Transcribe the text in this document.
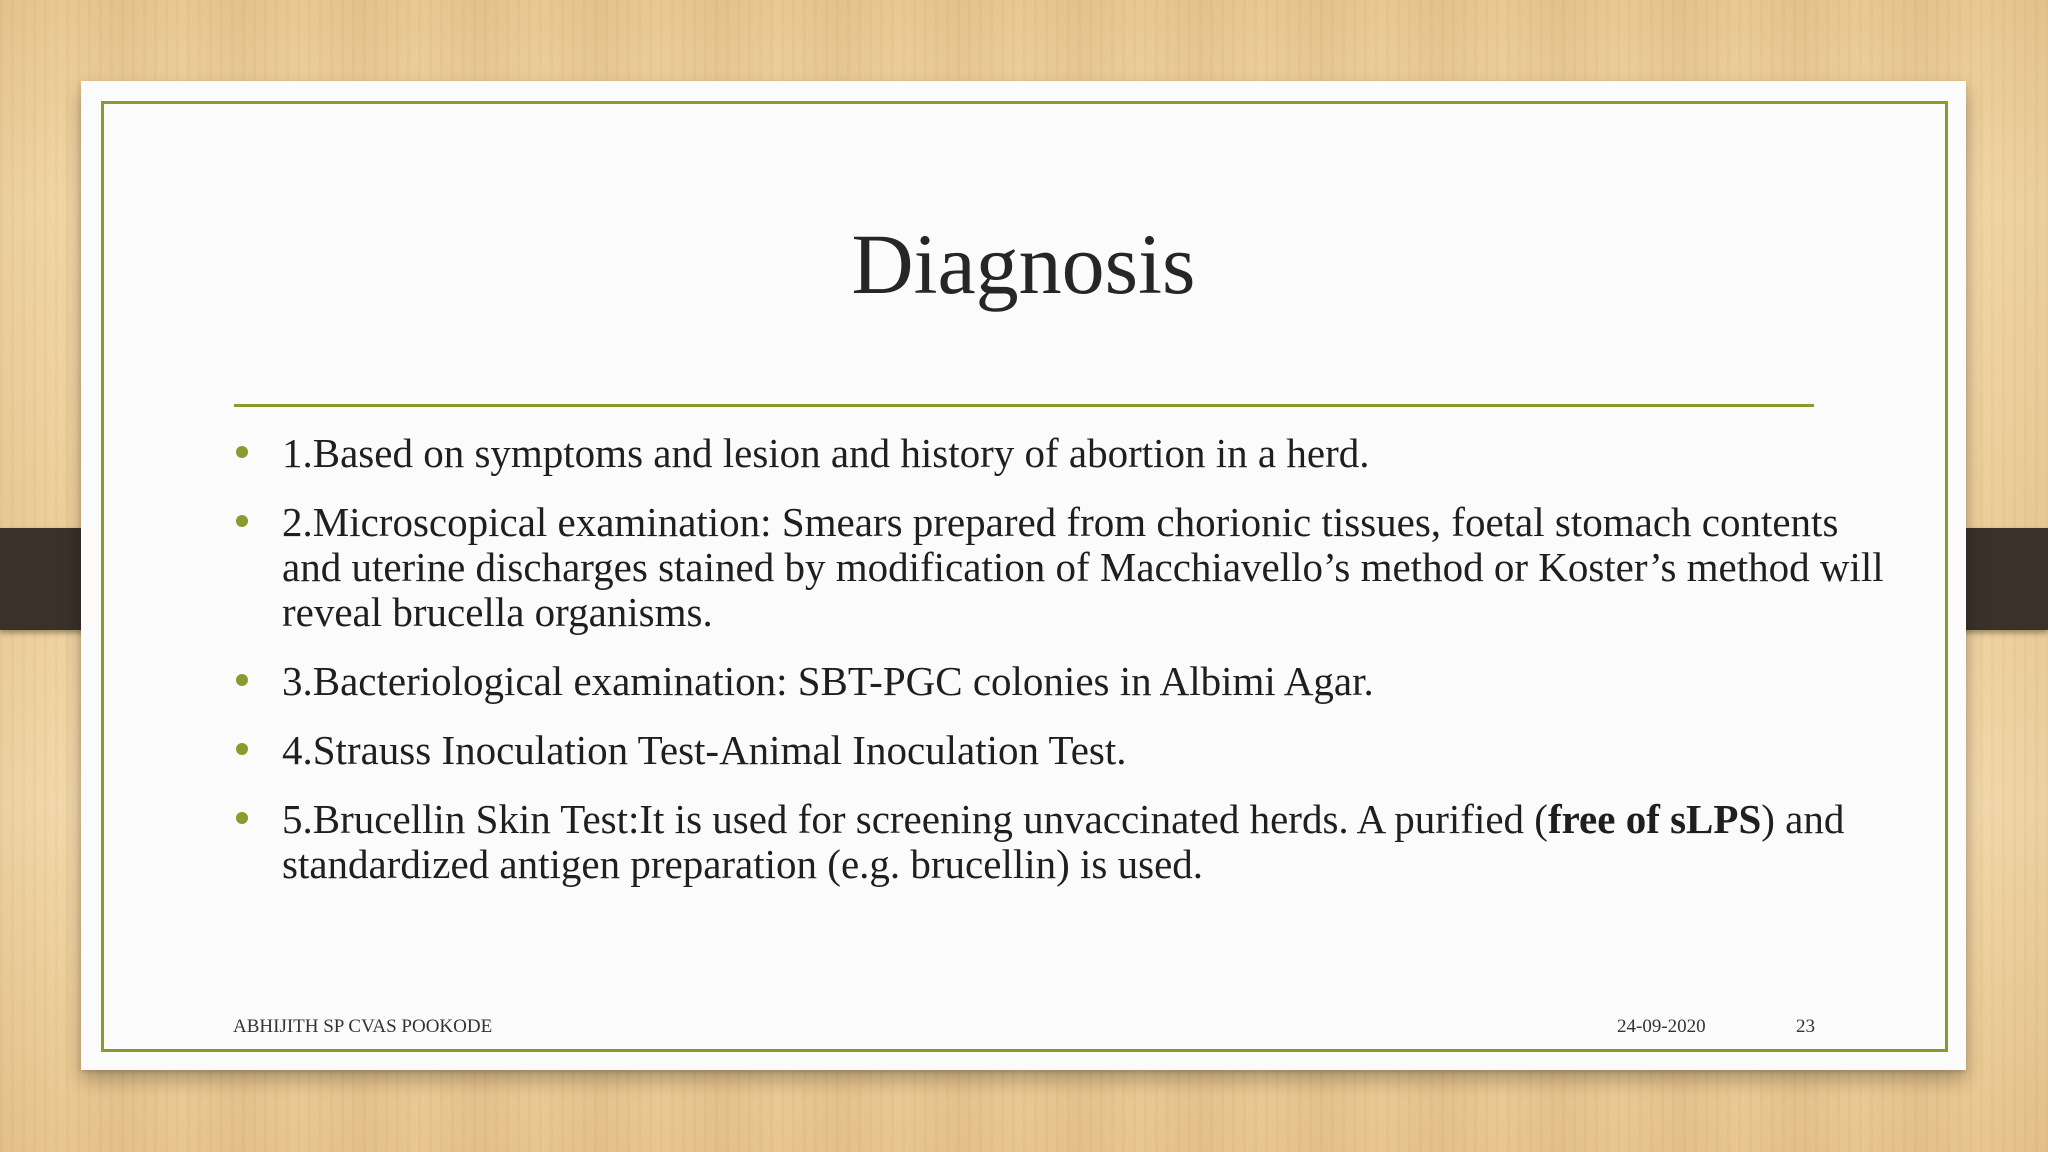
Diagnosis
1.Based on symptoms and lesion and history of abortion in a herd.
2.Microscopical examination: Smears prepared from chorionic tissues, foetal stomach contents and uterine discharges stained by modification of Macchiavello’s method or Koster’s method will reveal brucella organisms.
3.Bacteriological examination: SBT-PGC colonies in Albimi Agar.
4.Strauss Inoculation Test-Animal Inoculation Test.
5.Brucellin Skin Test:It is used for screening unvaccinated herds. A purified (free of sLPS) and standardized antigen preparation (e.g. brucellin) is used.
ABHIJITH SP CVAS POOKODE	24-09-2020	23
